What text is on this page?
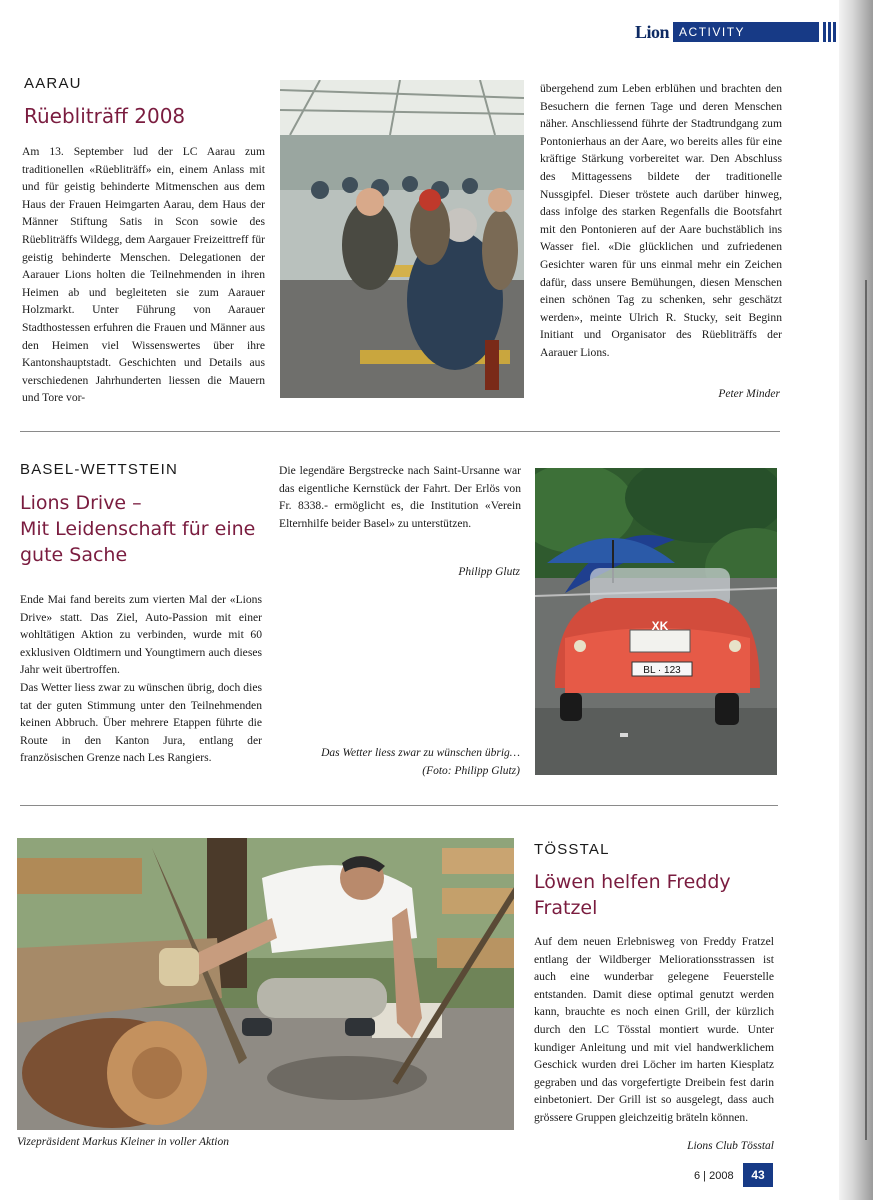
Lion ACTIVITY
AARAU
Rüebliträff 2008
Am 13. September lud der LC Aarau zum traditionellen «Rüebliträff» ein, einem Anlass mit und für geistig behinderte Mitmenschen aus dem Haus der Frauen Heimgarten Aarau, dem Haus der Männer Stiftung Satis in Scon sowie des Rüebliträffs Wildegg, dem Aargauer Freizeittreff für geistig behinderte Menschen. Delegationen der Aarauer Lions holten die Teilnehmenden in ihren Heimen ab und begleiteten sie zum Aarauer Holzmarkt. Unter Führung von Aarauer Stadthostessen erfuhren die Frauen und Männer aus den Heimen viel Wissenswertes über ihre Kantonshauptstadt. Geschichten und Details aus verschiedenen Jahrhunderten liessen die Mauern und Tore vor-
übergehend zum Leben erblühen und brachten den Besuchern die fernen Tage und deren Menschen näher. Anschliessend führte der Stadtrundgang zum Pontonierhaus an der Aare, wo bereits alles für eine kräftige Stärkung vorbereitet war. Den Abschluss des Mittagessens bildete der traditionelle Nussgipfel. Dieser tröstete auch darüber hinweg, dass infolge des starken Regenfalls die Bootsfahrt mit den Pontonieren auf der Aare buchstäblich ins Wasser fiel. «Die glücklichen und zufriedenen Gesichter waren für uns einmal mehr ein Zeichen dafür, dass unsere Bemühungen, diesen Menschen einen schönen Tag zu schenken, sehr geschätzt werden», meinte Ulrich R. Stucky, seit Beginn Initiant und Organisator des Rüebliträffs der Aarauer Lions.
Peter Minder
BASEL-WETTSTEIN
Lions Drive –
Mit Leidenschaft für eine
gute Sache
Ende Mai fand bereits zum vierten Mal der «Lions Drive» statt. Das Ziel, Auto-Passion mit einer wohltätigen Aktion zu verbinden, wurde mit 60 exklusiven Oldtimern und Youngtimern auch dieses Jahr weit übertroffen.
Das Wetter liess zwar zu wünschen übrig, doch dies tat der guten Stimmung unter den Teilnehmenden keinen Abbruch. Über mehrere Etappen führte die Route in den Kanton Jura, entlang der französischen Grenze nach Les Rangiers.
Die legendäre Bergstrecke nach Saint-Ursanne war das eigentliche Kernstück der Fahrt. Der Erlös von Fr. 8338.- ermöglicht es, die Institution «Verein Elternhilfe beider Basel» zu unterstützen.
Philipp Glutz
Das Wetter liess zwar zu wünschen übrig…
(Foto: Philipp Glutz)
XK
BL · 123
Vizepräsident Markus Kleiner in voller Aktion
TÖSSTAL
Löwen helfen Freddy
Fratzel
Auf dem neuen Erlebnisweg von Freddy Fratzel entlang der Wildberger Meliorationsstrassen ist auch eine wunderbar gelegene Feuerstelle entstanden. Damit diese optimal genutzt werden kann, brauchte es noch einen Grill, der kürzlich durch den LC Tösstal montiert wurde. Unter kundiger Anleitung und mit viel handwerklichem Geschick wurden drei Löcher im harten Kiesplatz gegraben und das vorgefertigte Dreibein fest darin einbetoniert. Der Grill ist so ausgelegt, dass auch grössere Gruppen gleichzeitig bräteln können.
Lions Club Tösstal
6 | 2008	43
